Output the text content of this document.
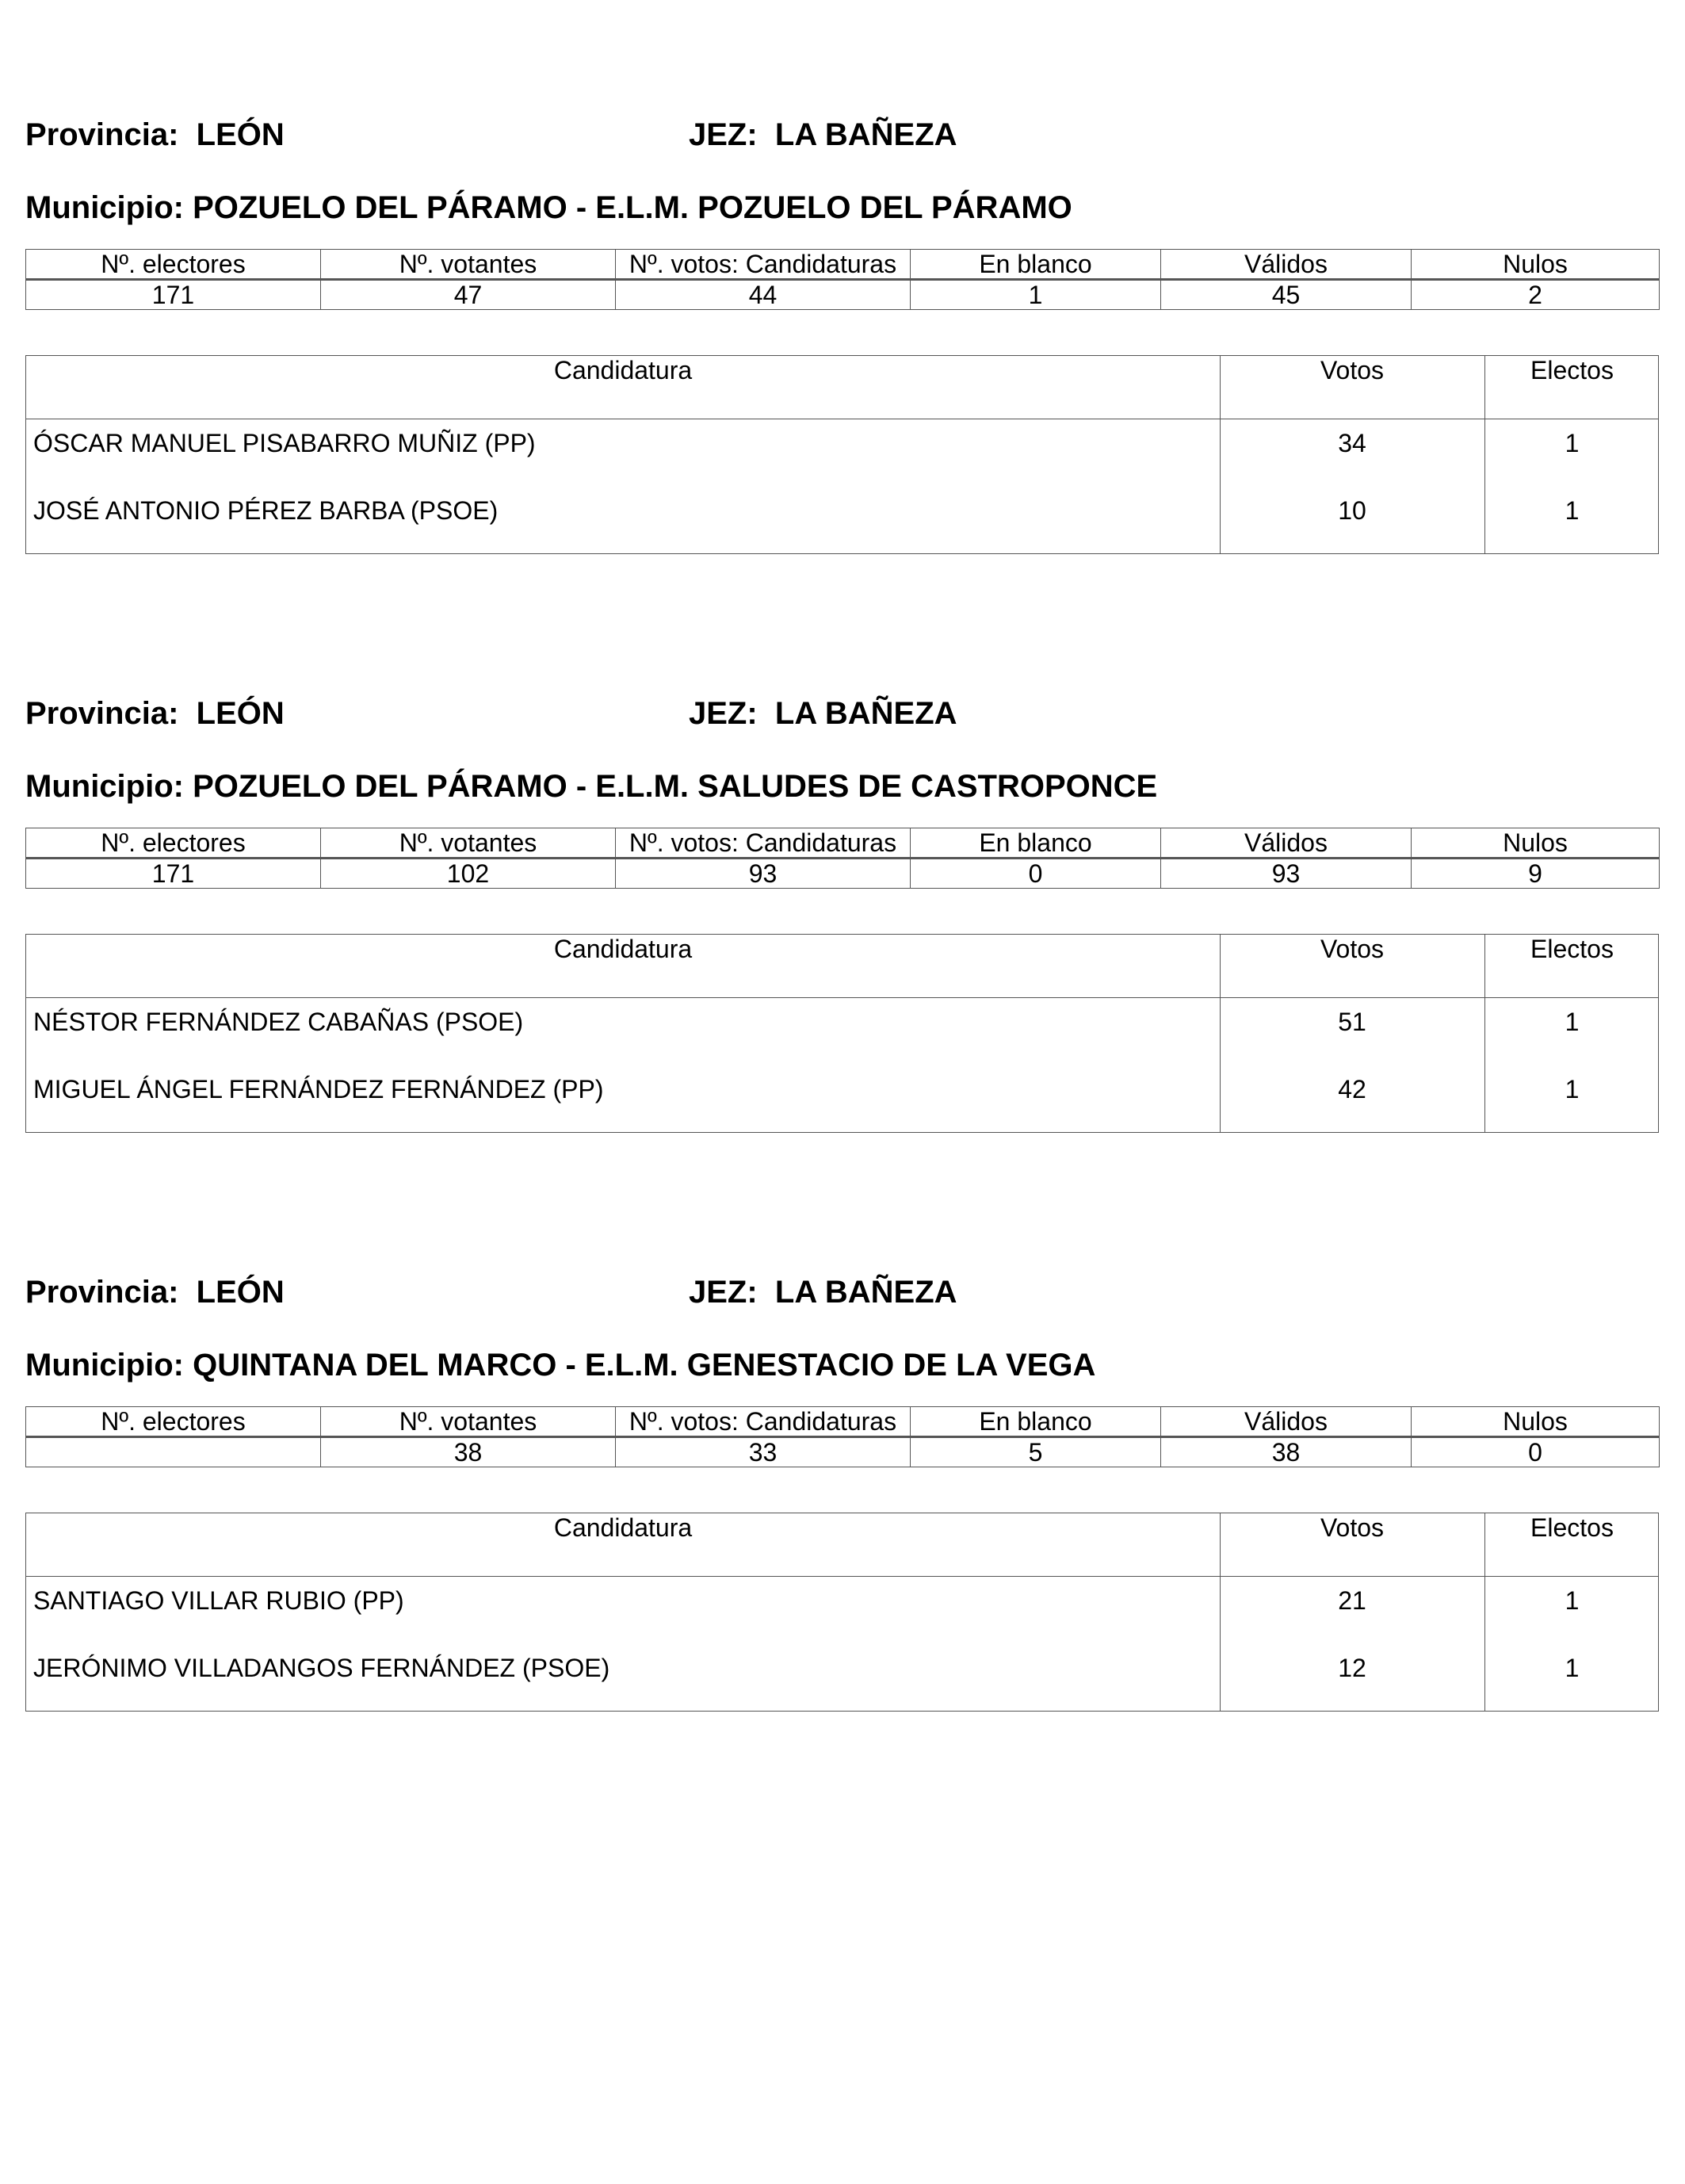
Provincia: LEÓN	JEZ: LA BAÑEZA
Municipio: POZUELO DEL PÁRAMO - E.L.M. POZUELO DEL PÁRAMO
Nº. electores	Nº. votantes	Nº. votos: Candidaturas	En blanco	Válidos	Nulos
171	47	44	1	45	2
Candidatura	Votos	Electos
ÓSCAR MANUEL PISABARRO MUÑIZ (PP)	34	1
JOSÉ ANTONIO PÉREZ BARBA (PSOE)	10	1
Provincia: LEÓN	JEZ: LA BAÑEZA
Municipio: POZUELO DEL PÁRAMO - E.L.M. SALUDES DE CASTROPONCE
Nº. electores	Nº. votantes	Nº. votos: Candidaturas	En blanco	Válidos	Nulos
171	102	93	0	93	9
Candidatura	Votos	Electos
NÉSTOR FERNÁNDEZ CABAÑAS (PSOE)	51	1
MIGUEL ÁNGEL FERNÁNDEZ FERNÁNDEZ (PP)	42	1
Provincia: LEÓN	JEZ: LA BAÑEZA
Municipio: QUINTANA DEL MARCO - E.L.M. GENESTACIO DE LA VEGA
Nº. electores	Nº. votantes	Nº. votos: Candidaturas	En blanco	Válidos	Nulos
	38	33	5	38	0
Candidatura	Votos	Electos
SANTIAGO VILLAR RUBIO (PP)	21	1
JERÓNIMO VILLADANGOS FERNÁNDEZ (PSOE)	12	1
